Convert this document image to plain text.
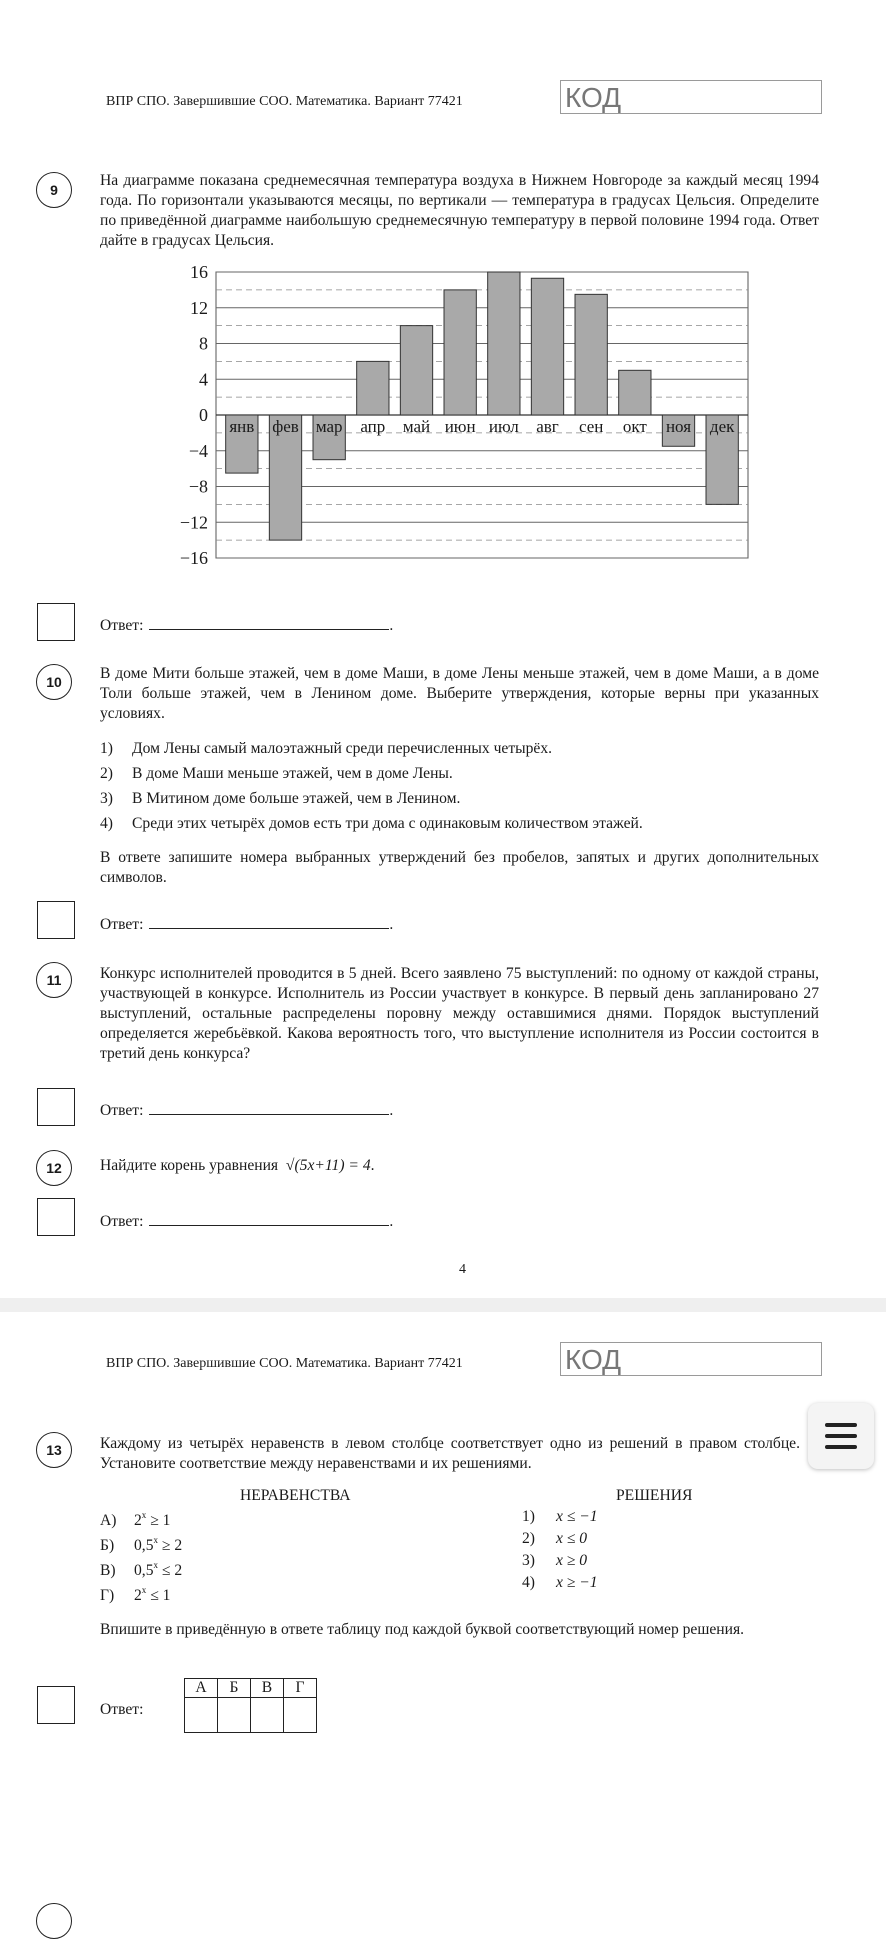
ВПР СПО. Завершившие СОО. Математика. Вариант 77421	КОД
9
На диаграмме показана среднемесячная температура воздуха в Нижнем Новгороде за каждый месяц 1994 года. По горизонтали указываются месяцы, по вертикали — температура в градусах Цельсия. Определите по приведённой диаграмме наибольшую среднемесячную температуру в первой половине 1994 года. Ответ дайте в градусах Цельсия.
16
12
8
4
0
−4
−8
−12
−16
янв фев мар апр май июн июл авг сен окт ноя дек
Ответ:	.
10	В доме Мити больше этажей, чем в доме Маши, в доме Лены меньше этажей, чем в доме Маши, а в доме Толи больше этажей, чем в Ленином доме. Выберите утверждения, которые верны при указанных условиях.
1) Дом Лены самый малоэтажный среди перечисленных четырёх.
2) В доме Маши меньше этажей, чем в доме Лены.
3) В Митином доме больше этажей, чем в Ленином.
4) Среди этих четырёх домов есть три дома с одинаковым количеством этажей.
В ответе запишите номера выбранных утверждений без пробелов, запятых и других дополнительных символов.
Ответ:	.
11	Конкурс исполнителей проводится в 5 дней. Всего заявлено 75 выступлений: по одному от каждой страны, участвующей в конкурсе. Исполнитель из России участвует в конкурсе. В первый день запланировано 27 выступлений, остальные распределены поровну между оставшимися днями. Порядок выступлений определяется жеребьёвкой. Какова вероятность того, что выступление исполнителя из России состоится в третий день конкурса?
Ответ:	.
12	Найдите корень уравнения √(5x+11) = 4.
Ответ:	.
4
ВПР СПО. Завершившие СОО. Математика. Вариант 77421	КОД
13	Каждому из четырёх неравенств в левом столбце соответствует одно из решений в правом столбце. Установите соответствие между неравенствами и их решениями.
НЕРАВЕНСТВА	РЕШЕНИЯ
А) $2^x \ge 1$
Б) $0,5^x \ge 2$
В) $0,5^x \le 2$
Г) $2^x \le 1$
1) x ≤ −1
2) x ≤ 0
3) x ≥ 0
4) x ≥ −1
Впишите в приведённую в ответе таблицу под каждой буквой соответствующий номер решения.
Ответ:
А	Б	В	Г
